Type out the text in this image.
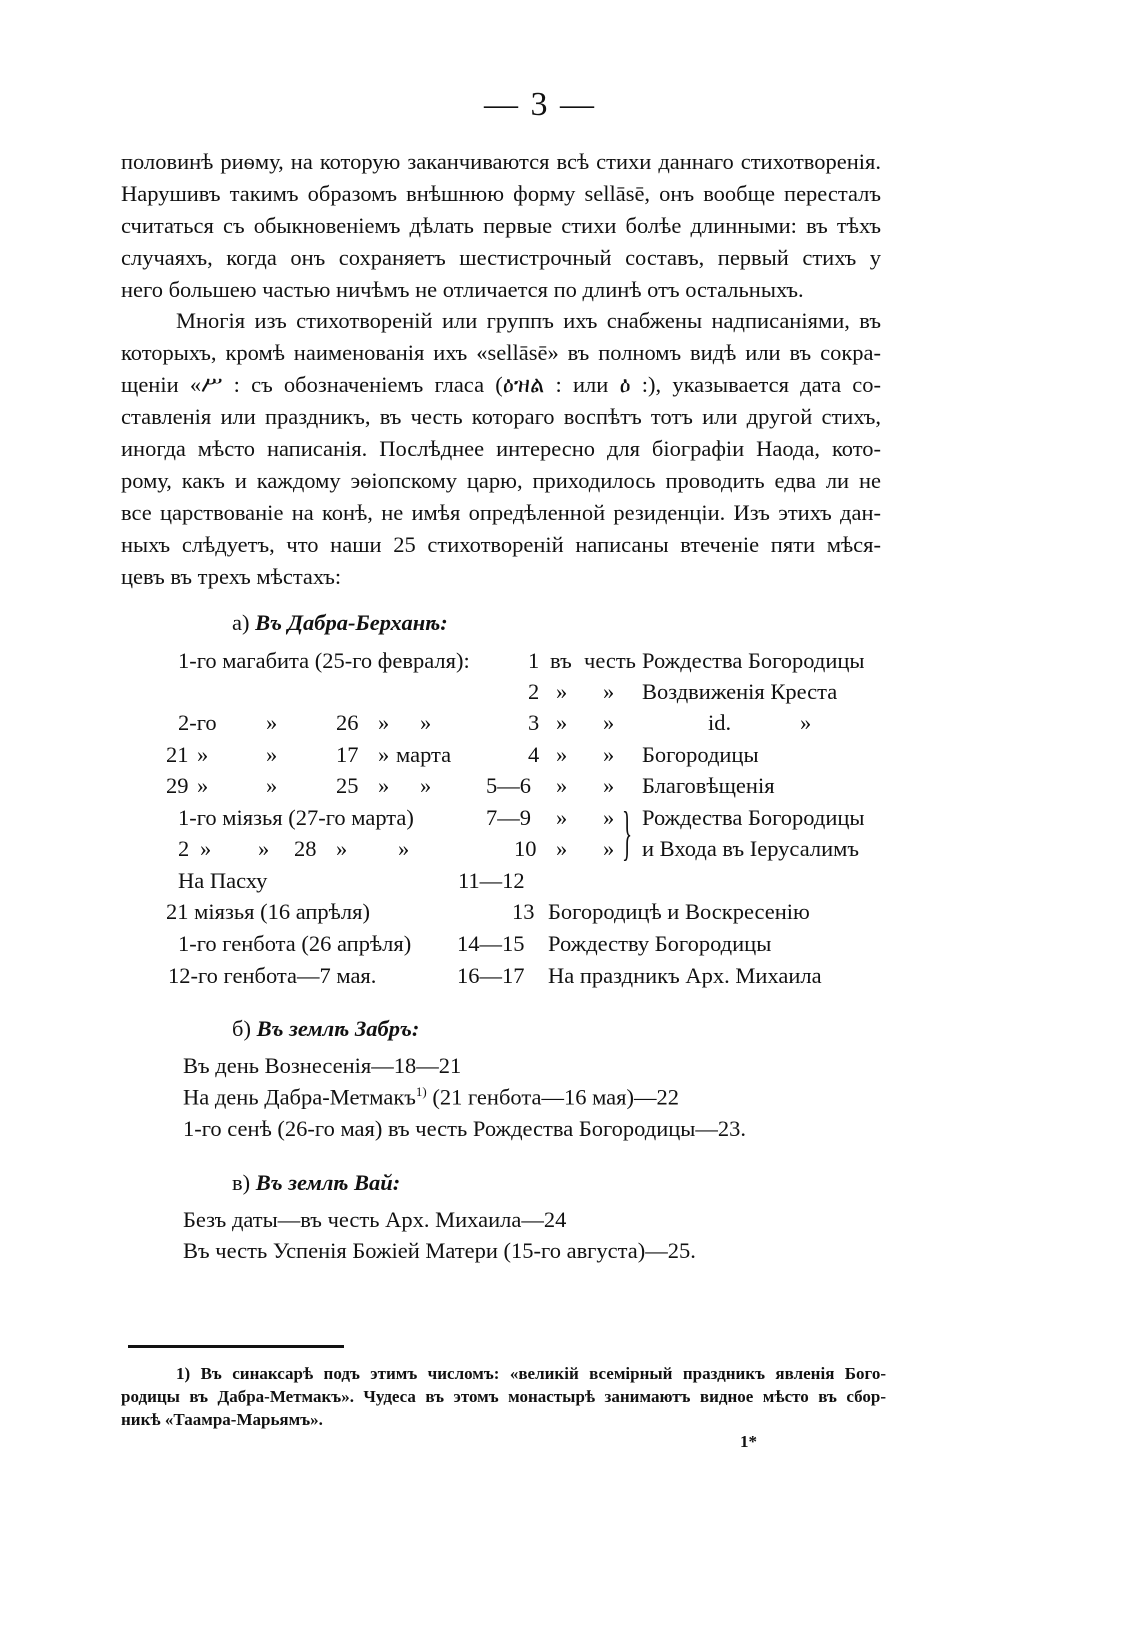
— 3 —
половинѣ риѳму, на которую заканчиваются всѣ стихи даннаго стихотворенія.
Нарушивъ такимъ образомъ внѣшнюю форму sellāsē, онъ вообще пересталъ
считаться съ обыкновеніемъ дѣлать первые стихи болѣе длинными: въ тѣхъ
случаяхъ, когда онъ сохраняетъ шестистрочный составъ, первый стихъ у
него большею частью ничѣмъ не отличается по длинѣ отъ остальныхъ.
Многія изъ стихотвореній или группъ ихъ снабжены надписаніями, въ
которыхъ, кромѣ наименованія ихъ «sellāsē» въ полномъ видѣ или въ сокра-
щеніи «ሥ : съ обозначеніемъ гласа (ዕዝል : или ዕ :), указывается дата со-
ставленія или праздникъ, въ честь котораго воспѣтъ тотъ или другой стихъ,
иногда мѣсто написанія. Послѣднее интересно для біографіи Наода, кото-
рому, какъ и каждому эѳіопскому царю, приходилось проводить едва ли не
все царствованіе на конѣ, не имѣя опредѣленной резиденціи. Изъ этихъ дан-
ныхъ слѣдуетъ, что наши 25 стихотвореній написаны втеченіе пяти мѣся-
цевъ въ трехъ мѣстахъ:
а) Въ Дабра-Берханѣ:
1-го магабита (25-го февраля):	1 въ честь Рождества Богородицы
2 » » Воздвиженія Креста
2-го »	26 » »	3 » »	id.	»
21 »	»	17 » марта	4 » » Богородицы
29 »	»	25 » » 5—6 » » Благовѣщенія
1-го міязья (27-го марта)	7—9 » » Рождества Богородицы
2 » » 28 » »	10 » » и Входа въ Іерусалимъ
}
На Пасху	11—12
21 міязья (16 апрѣля)	13 Богородицѣ и Воскресенію
1-го генбота (26 апрѣля) 14—15 Рождеству Богородицы
12-го генбота—7 мая.	16—17 На праздникъ Арх. Михаила
б) Въ землѣ Забръ:
Въ день Вознесенія—18—21
На день Дабра-Метмакъ$^{1)}$ (21 генбота—16 мая)—22
1-го сенѣ (26-го мая) въ честь Рождества Богородицы—23.
в) Въ землѣ Вай:
Безъ даты—въ честь Арх. Михаила—24
Въ честь Успенія Божіей Матери (15-го августа)—25.
1) Въ синаксарѣ подъ этимъ числомъ: «великій всемірный праздникъ явленія Бого-
родицы въ Дабра-Метмакъ». Чудеса въ этомъ монастырѣ занимаютъ видное мѣсто въ сбор-
никѣ «Таамра-Марьямъ».
1*
